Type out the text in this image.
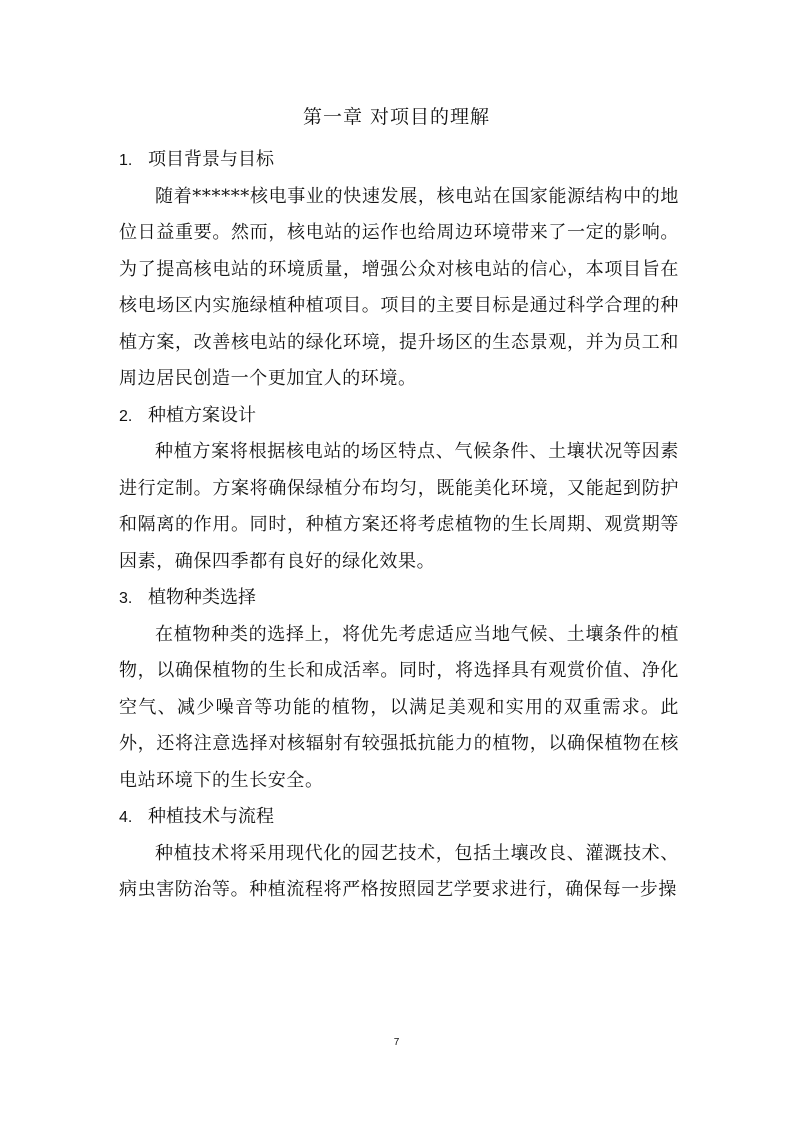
第一章 对项目的理解
1. 项目背景与目标

随着******核电事业的快速发展，核电站在国家能源结构中的地位日益重要。然而，核电站的运作也给周边环境带来了一定的影响。为了提高核电站的环境质量，增强公众对核电站的信心，本项目旨在核电场区内实施绿植种植项目。项目的主要目标是通过科学合理的种植方案，改善核电站的绿化环境，提升场区的生态景观，并为员工和周边居民创造一个更加宜人的环境。

2. 种植方案设计

种植方案将根据核电站的场区特点、气候条件、土壤状况等因素进行定制。方案将确保绿植分布均匀，既能美化环境，又能起到防护和隔离的作用。同时，种植方案还将考虑植物的生长周期、观赏期等因素，确保四季都有良好的绿化效果。

3. 植物种类选择

在植物种类的选择上，将优先考虑适应当地气候、土壤条件的植物，以确保植物的生长和成活率。同时，将选择具有观赏价值、净化空气、减少噪音等功能的植物，以满足美观和实用的双重需求。此外，还将注意选择对核辐射有较强抵抗能力的植物，以确保植物在核电站环境下的生长安全。

4. 种植技术与流程

种植技术将采用现代化的园艺技术，包括土壤改良、灌溉技术、病虫害防治等。种植流程将严格按照园艺学要求进行，确保每一步操

7
